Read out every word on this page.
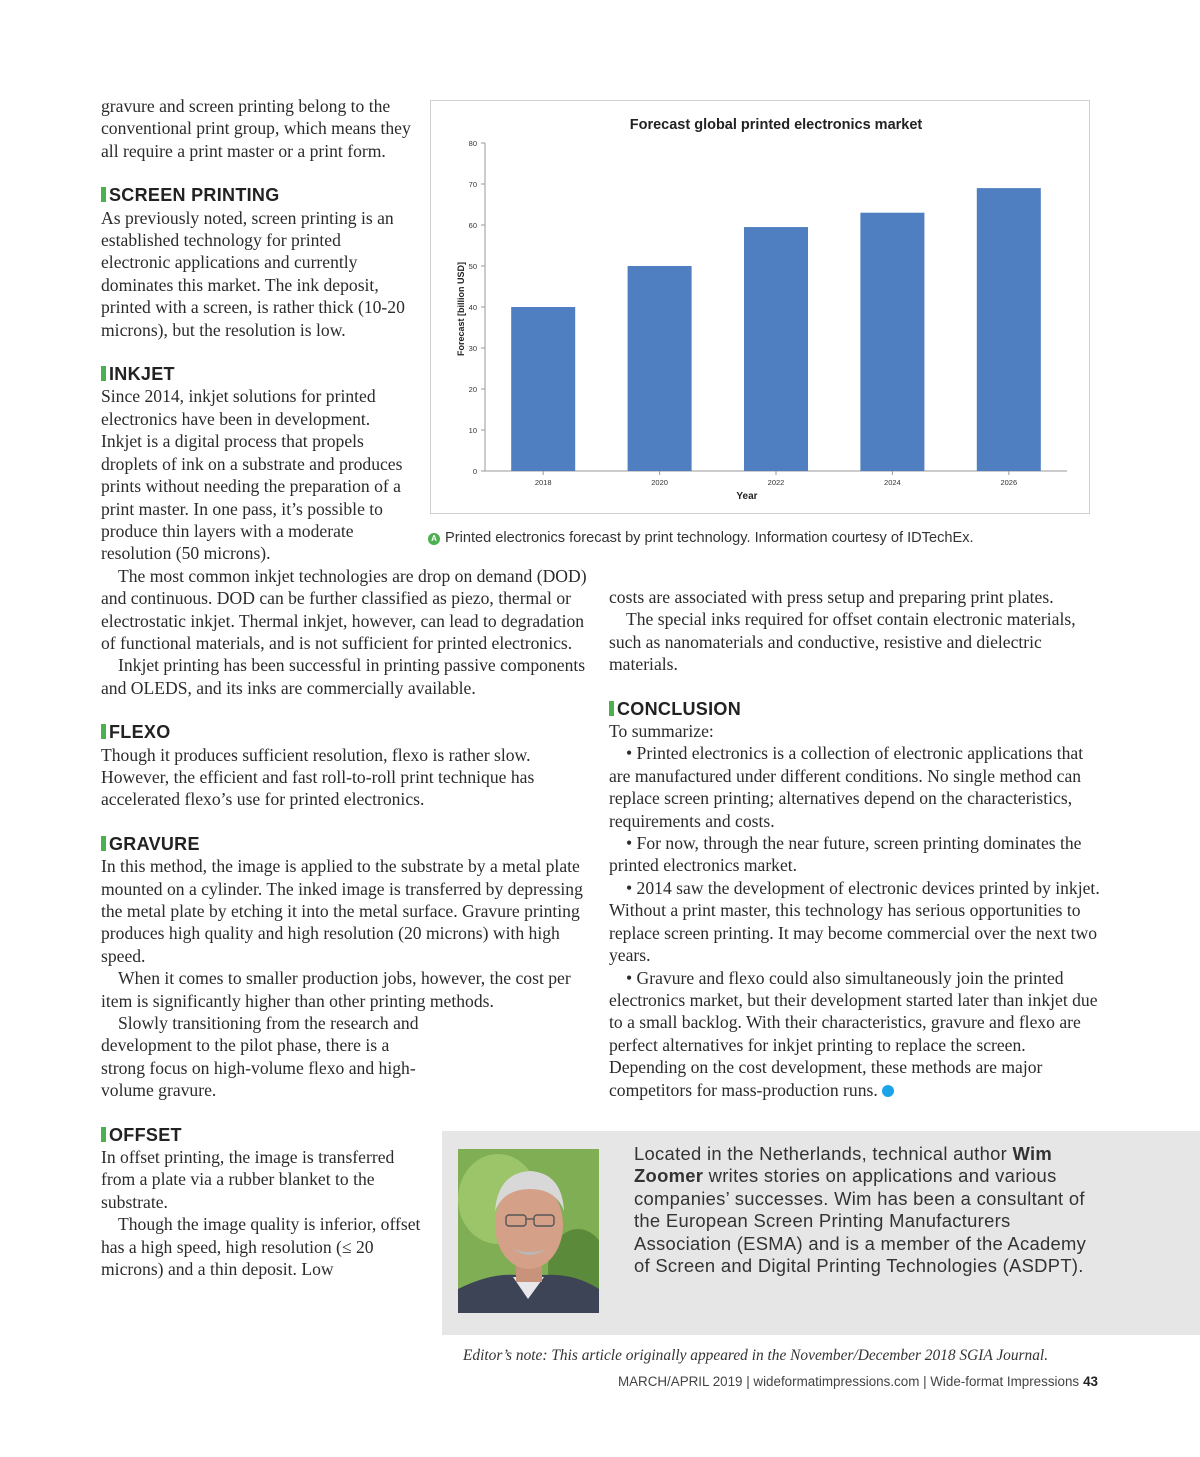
gravure and screen printing belong to the conventional print group, which means they all require a print master or a print form.

SCREEN PRINTING

As previously noted, screen printing is an established technology for printed electronic applications and currently dominates this market. The ink deposit, printed with a screen, is rather thick (10-20 microns), but the resolution is low.

INKJET

Since 2014, inkjet solutions for printed electronics have been in development. Inkjet is a digital process that propels droplets of ink on a substrate and produces prints without needing the preparation of a print master. In one pass, it’s possible to produce thin layers with a moderate resolution (50 microns).

The most common inkjet technologies are drop on demand (DOD) and continuous. DOD can be further classified as piezo, thermal or electrostatic inkjet. Thermal inkjet, however, can lead to degradation of functional materials, and is not sufficient for printed electronics.

Inkjet printing has been successful in printing passive components and OLEDS, and its inks are commercially available.

FLEXO

Though it produces sufficient resolution, flexo is rather slow. However, the efficient and fast roll-to-roll print technique has accelerated flexo’s use for printed electronics.

GRAVURE

In this method, the image is applied to the substrate by a metal plate mounted on a cylinder. The inked image is transferred by depressing the metal plate by etching it into the metal surface. Gravure printing produces high quality and high resolution (20 microns) with high speed.

When it comes to smaller production jobs, however, the cost per item is significantly higher than other printing methods.

Slowly transitioning from the research and development to the pilot phase, there is a strong focus on high-volume flexo and high-volume gravure.

OFFSET

In offset printing, the image is transferred from a plate via a rubber blanket to the substrate.

Though the image quality is inferior, offset has a high speed, high resolution (≤ 20 microns) and a thin deposit. Low

Forecast global printed electronics market
Forecast [billion USD]
Year
0
10
20
30
40
50
60
70
80
2018	2020	2022	2024	2026
A Printed electronics forecast by print technology. Information courtesy of IDTechEx.

costs are associated with press setup and preparing print plates.

The special inks required for offset contain electronic materials, such as nanomaterials and conductive, resistive and dielectric materials.

CONCLUSION

To summarize:

• Printed electronics is a collection of electronic applications that are manufactured under different conditions. No single method can replace screen printing; alternatives depend on the characteristics, requirements and costs.

• For now, through the near future, screen printing dominates the printed electronics market.

• 2014 saw the development of electronic devices printed by inkjet. Without a print master, this technology has serious opportunities to replace screen printing. It may become commercial over the next two years.

• Gravure and flexo could also simultaneously join the printed electronics market, but their development started later than inkjet due to a small backlog. With their characteristics, gravure and flexo are perfect alternatives for inkjet printing to replace the screen. Depending on the cost development, these methods are major competitors for mass-production runs.

Located in the Netherlands, technical author Wim Zoomer writes stories on applications and various companies’ successes. Wim has been a consultant of the European Screen Printing Manufacturers Association (ESMA) and is a member of the Academy of Screen and Digital Printing Technologies (ASDPT).
Editor’s note: This article originally appeared in the November/December 2018 SGIA Journal.
MARCH/APRIL 2019 | wideformatimpressions.com | Wide-format Impressions 43
